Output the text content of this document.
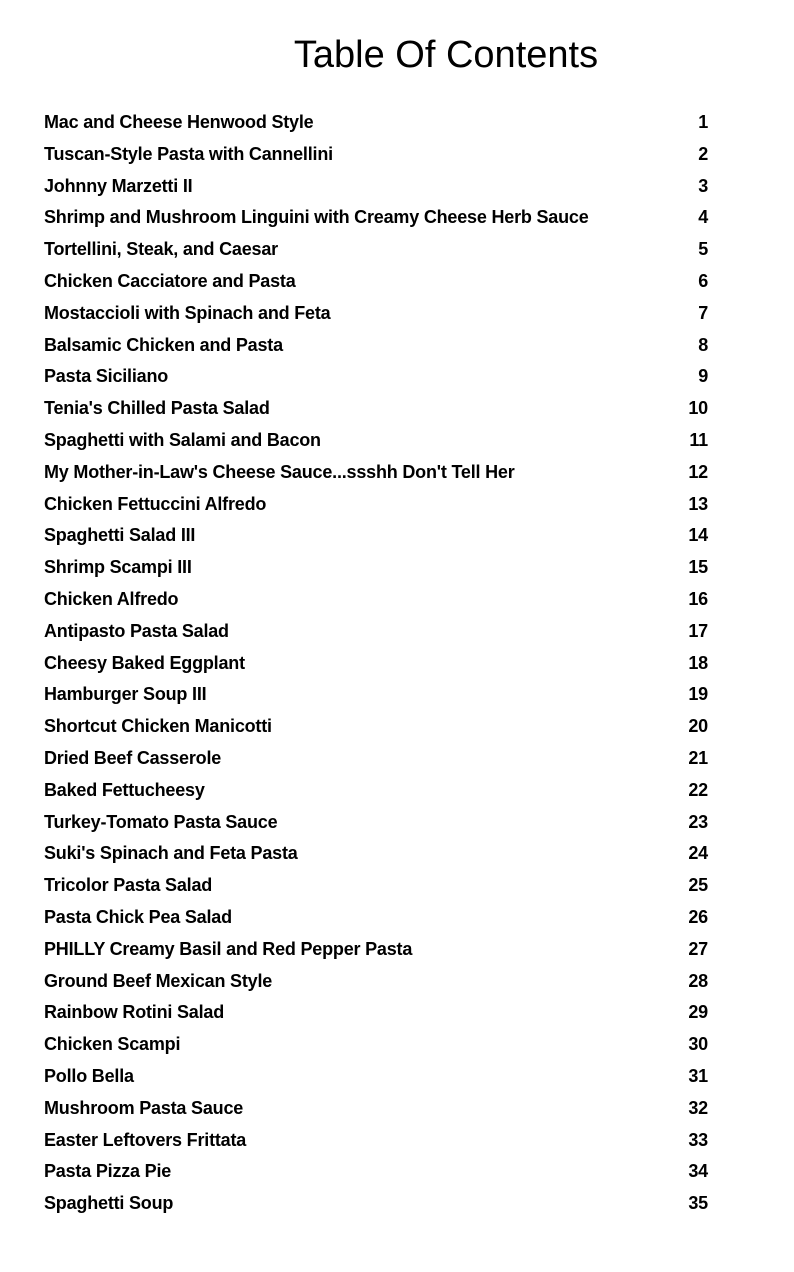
Table Of Contents
Mac and Cheese Henwood Style	1
Tuscan-Style Pasta with Cannellini	2
Johnny Marzetti II	3
Shrimp and Mushroom Linguini with Creamy Cheese Herb Sauce	4
Tortellini, Steak, and Caesar	5
Chicken Cacciatore and Pasta	6
Mostaccioli with Spinach and Feta	7
Balsamic Chicken and Pasta	8
Pasta Siciliano	9
Tenia's Chilled Pasta Salad	10
Spaghetti with Salami and Bacon	11
My Mother-in-Law's Cheese Sauce...ssshh Don't Tell Her	12
Chicken Fettuccini Alfredo	13
Spaghetti Salad III	14
Shrimp Scampi III	15
Chicken Alfredo	16
Antipasto Pasta Salad	17
Cheesy Baked Eggplant	18
Hamburger Soup III	19
Shortcut Chicken Manicotti	20
Dried Beef Casserole	21
Baked Fettucheesy	22
Turkey-Tomato Pasta Sauce	23
Suki's Spinach and Feta Pasta	24
Tricolor Pasta Salad	25
Pasta Chick Pea Salad	26
PHILLY Creamy Basil and Red Pepper Pasta	27
Ground Beef Mexican Style	28
Rainbow Rotini Salad	29
Chicken Scampi	30
Pollo Bella	31
Mushroom Pasta Sauce	32
Easter Leftovers Frittata	33
Pasta Pizza Pie	34
Spaghetti Soup	35
